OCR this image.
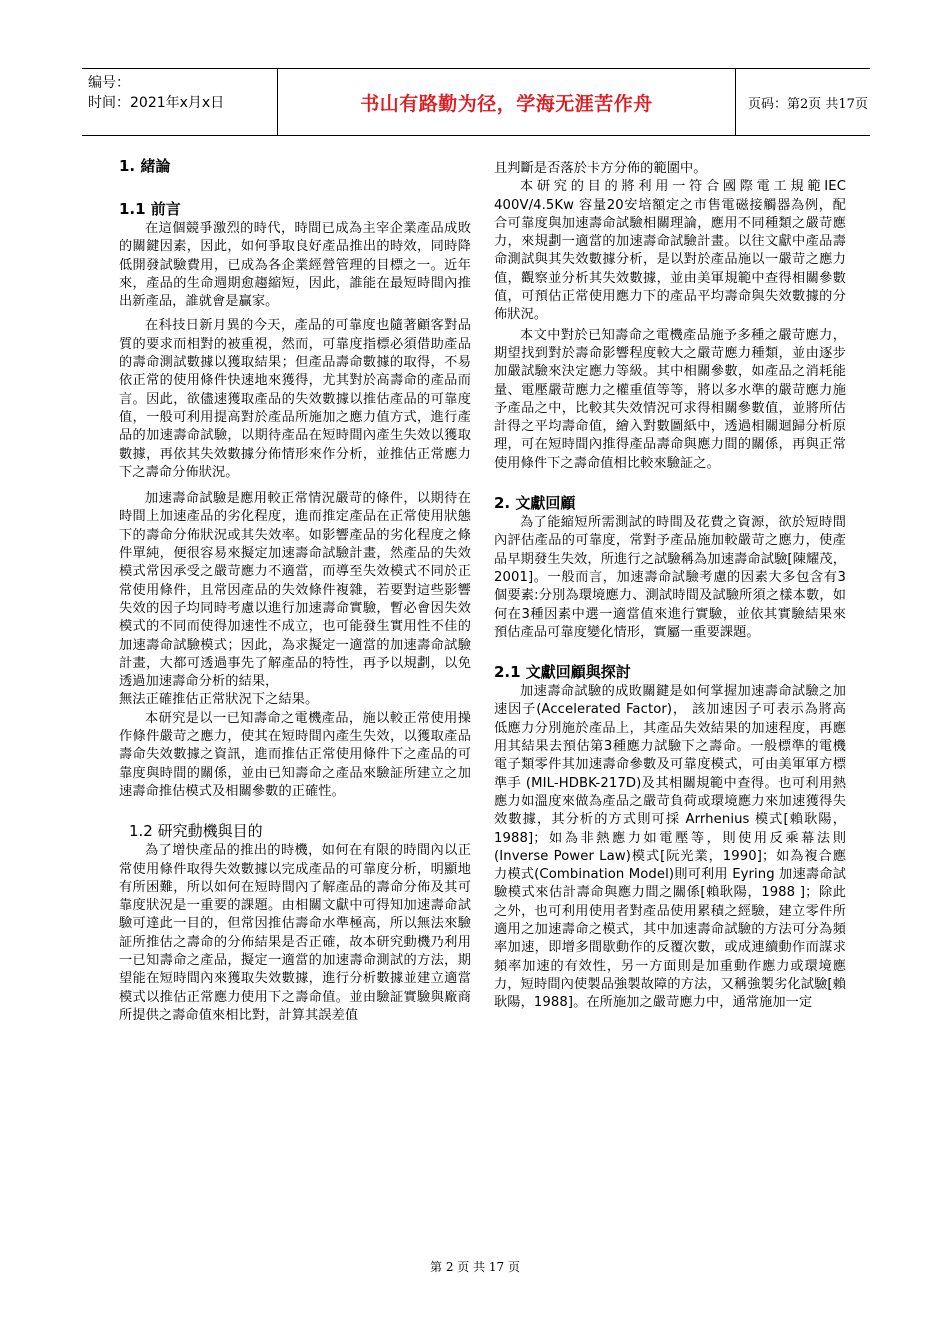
编号：
时间：2021年x月x日	书山有路勤为径，学海无涯苦作舟	页码：第2页 共17页

1. 緒論

1.1 前言

在這個競爭激烈的時代，時間已成為主宰企業產品成敗的關鍵因素，因此，如何爭取良好產品推出的時效，同時降低開發試驗費用，已成為各企業經營管理的目標之一。近年來，產品的生命週期愈趨縮短，因此，誰能在最短時間內推出新產品，誰就會是贏家。

在科技日新月異的今天，產品的可靠度也隨著顧客對品質的要求而相對的被重視，然而，可靠度指標必須借助產品的壽命測試數據以獲取結果；但產品壽命數據的取得，不易依正常的使用條件快速地來獲得，尤其對於高壽命的產品而言。因此，欲儘速獲取產品的失效數據以推估產品的可靠度值，一般可利用提高對於產品所施加之應力值方式，進行產品的加速壽命試驗，以期待產品在短時間內產生失效以獲取數據，再依其失效數據分佈情形來作分析，並推估正常應力下之壽命分佈狀況。

加速壽命試驗是應用較正常情況嚴苛的條件，以期待在時間上加速產品的劣化程度，進而推定產品在正常使用狀態下的壽命分佈狀況或其失效率。如影響產品的劣化程度之條件單純，便很容易來擬定加速壽命試驗計畫，然產品的失效模式常因承受之嚴苛應力不適當，而導至失效模式不同於正常使用條件，且常因產品的失效條件複雜，若要對這些影響失效的因子均同時考慮以進行加速壽命實驗，暫必會因失效模式的不同而使得加速性不成立，也可能發生實用性不佳的加速壽命試驗模式；因此，為求擬定一適當的加速壽命試驗計畫，大都可透過事先了解產品的特性，再予以規劃，以免透過加速壽命分析的結果，

無法正確推估正常狀況下之結果。

本研究是以一已知壽命之電機產品，施以較正常使用操作條件嚴苛之應力，使其在短時間內產生失效，以獲取產品壽命失效數據之資訊，進而推估正常使用條件下之產品的可靠度與時間的關係，並由已知壽命之產品來驗証所建立之加速壽命推估模式及相關參數的正確性。

1.2 研究動機與目的

為了增快產品的推出的時機，如何在有限的時間內以正常使用條件取得失效數據以完成產品的可靠度分析，明顯地有所困難，所以如何在短時間內了解產品的壽命分佈及其可靠度狀況是一重要的課題。由相關文獻中可得知加速壽命試驗可達此一目的，但常因推估壽命水準極高，所以無法來驗証所推估之壽命的分佈結果是否正確，故本研究動機乃利用一已知壽命之產品，擬定一適當的加速壽命測試的方法，期望能在短時間內來獲取失效數據，進行分析數據並建立適當模式以推估正常應力使用下之壽命值。並由驗証實驗與廠商所提供之壽命值來相比對，計算其誤差值

且判斷是否落於卡方分佈的範圍中。

本研究的目的將利用一符合國際電工規範IEC 400V/4.5Kw 容量20安培額定之市售電磁接觸器為例，配合可靠度與加速壽命試驗相關理論，應用不同種類之嚴苛應力，來規劃一適當的加速壽命試驗計畫。以往文獻中產品壽命測試與其失效數據分析，是以對於產品施以一嚴苛之應力值，觀察並分析其失效數據，並由美軍規範中查得相關參數值，可預估正常使用應力下的產品平均壽命與失效數據的分佈狀況。

本文中對於已知壽命之電機產品施予多種之嚴苛應力，期望找到對於壽命影響程度較大之嚴苛應力種類，並由逐步加嚴試驗來決定應力等級。其中相關參數，如產品之消耗能量、電壓嚴苛應力之權重值等等，將以多水準的嚴苛應力施予產品之中，比較其失效情況可求得相關參數值，並將所估計得之平均壽命值，繪入對數圖紙中，透過相關迴歸分析原理，可在短時間內推得產品壽命與應力間的關係，再與正常使用條件下之壽命值相比較來驗証之。

2. 文獻回顧

為了能縮短所需測試的時間及花費之資源，欲於短時間內評估產品的可靠度，常對予產品施加較嚴苛之應力，使產品早期發生失效，所進行之試驗稱為加速壽命試驗[陳耀茂，2001]。一般而言，加速壽命試驗考慮的因素大多包含有3個要素:分別為環境應力、測試時間及試驗所須之樣本數，如何在3種因素中選一適當值來進行實驗，並依其實驗結果來預估產品可靠度變化情形，實屬一重要課題。

2.1 文獻回顧與探討

加速壽命試驗的成敗關鍵是如何掌握加速壽命試驗之加速因子(Accelerated Factor)， 該加速因子可表示為將高低應力分別施於產品上，其產品失效結果的加速程度，再應用其結果去預估第3種應力試驗下之壽命。一般標準的電機電子類零件其加速壽命參數及可靠度模式，可由美軍軍方標準手 (MIL-HDBK-217D)及其相關規範中查得。也可利用熱應力如溫度來做為產品之嚴苛負荷或環境應力來加速獲得失效數據，其分析的方式則可採 Arrhenius 模式[賴耿陽，1988]；如為非熱應力如電壓等，則使用反乘幕法則(Inverse Power Law)模式[阮光業，1990]；如為複合應力模式(Combination Model)則可利用 Eyring 加速壽命試驗模式來估計壽命與應力間之關係[賴耿陽，1988 ]；除此之外，也可利用使用者對產品使用累積之經驗，建立零件所適用之加速壽命之模式，其中加速壽命試驗的方法可分為頻率加速，即增多間歇動作的反覆次數，或成連續動作而謀求頻率加速的有效性，另一方面則是加重動作應力或環境應力，短時間內使製品強製故障的方法，又稱強製劣化試驗[賴耿陽，1988]。在所施加之嚴苛應力中，通常施加一定

第 2 页 共 17 页
